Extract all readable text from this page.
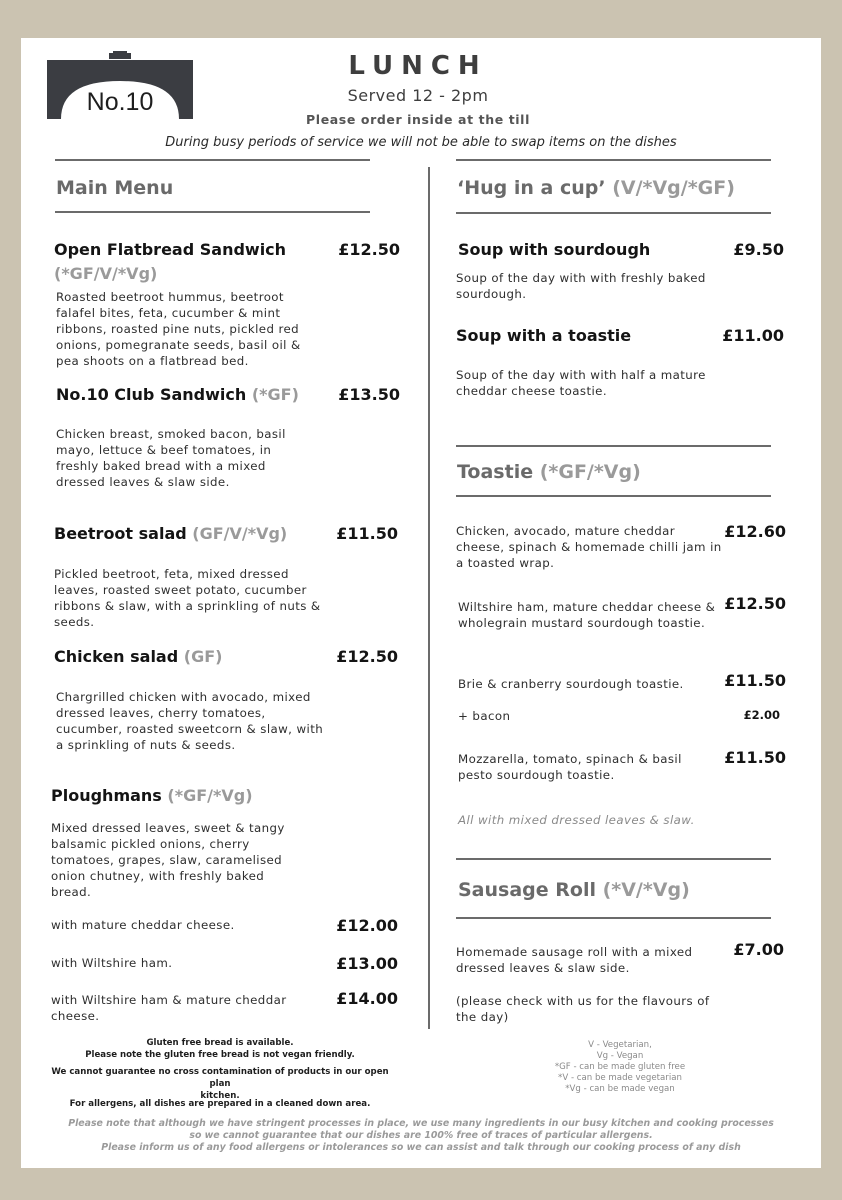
No.10
LUNCH
Served 12 - 2pm
Please order inside at the till
During busy periods of service we will not be able to swap items on the dishes
Main Menu
Open Flatbread Sandwich
(*GF/V/*Vg)
£12.50
Roasted beetroot hummus, beetroot falafel bites, feta, cucumber & mint ribbons, roasted pine nuts, pickled red onions, pomegranate seeds, basil oil & pea shoots on a flatbread bed.
No.10 Club Sandwich (*GF)	£13.50
Chicken breast, smoked bacon, basil mayo, lettuce & beef tomatoes, in freshly baked bread with a mixed dressed leaves & slaw side.
Beetroot salad (GF/V/*Vg)	£11.50
Pickled beetroot, feta, mixed dressed leaves, roasted sweet potato, cucumber ribbons & slaw, with a sprinkling of nuts & seeds.
Chicken salad (GF)	£12.50
Chargrilled chicken with avocado, mixed dressed leaves, cherry tomatoes, cucumber, roasted sweetcorn & slaw, with a sprinkling of nuts & seeds.
Ploughmans (*GF/*Vg)
Mixed dressed leaves, sweet & tangy balsamic pickled onions, cherry tomatoes, grapes, slaw, caramelised onion chutney, with freshly baked bread.
with mature cheddar cheese.	£12.00
with Wiltshire ham.	£13.00
with Wiltshire ham & mature cheddar cheese.
£14.00
‘Hug in a cup’ (V/*Vg/*GF)
Soup with sourdough	£9.50
Soup of the day with with freshly baked sourdough.
Soup with a toastie	£11.00
Soup of the day with with half a mature cheddar cheese toastie.
Toastie (*GF/*Vg)
Chicken, avocado, mature cheddar cheese, spinach & homemade chilli jam in a toasted wrap.
£12.60
Wiltshire ham, mature cheddar cheese & wholegrain mustard sourdough toastie.
£12.50
Brie & cranberry sourdough toastie.	£11.50
+ bacon	£2.00
Mozzarella, tomato, spinach & basil pesto sourdough toastie.
£11.50
All with mixed dressed leaves & slaw.
Sausage Roll (*V/*Vg)
Homemade sausage roll with a mixed dressed leaves & slaw side.
£7.00
(please check with us for the flavours of the day)
Gluten free bread is available.
Please note the gluten free bread is not vegan friendly.
We cannot guarantee no cross contamination of products in our open plan
kitchen.
For allergens, all dishes are prepared in a cleaned down area.
V - Vegetarian,
Vg - Vegan
*GF - can be made gluten free
*V - can be made vegetarian
*Vg - can be made vegan
Please note that although we have stringent processes in place, we use many ingredients in our busy kitchen and cooking processes
so we cannot guarantee that our dishes are 100% free of traces of particular allergens.
Please inform us of any food allergens or intolerances so we can assist and talk through our cooking process of any dish
